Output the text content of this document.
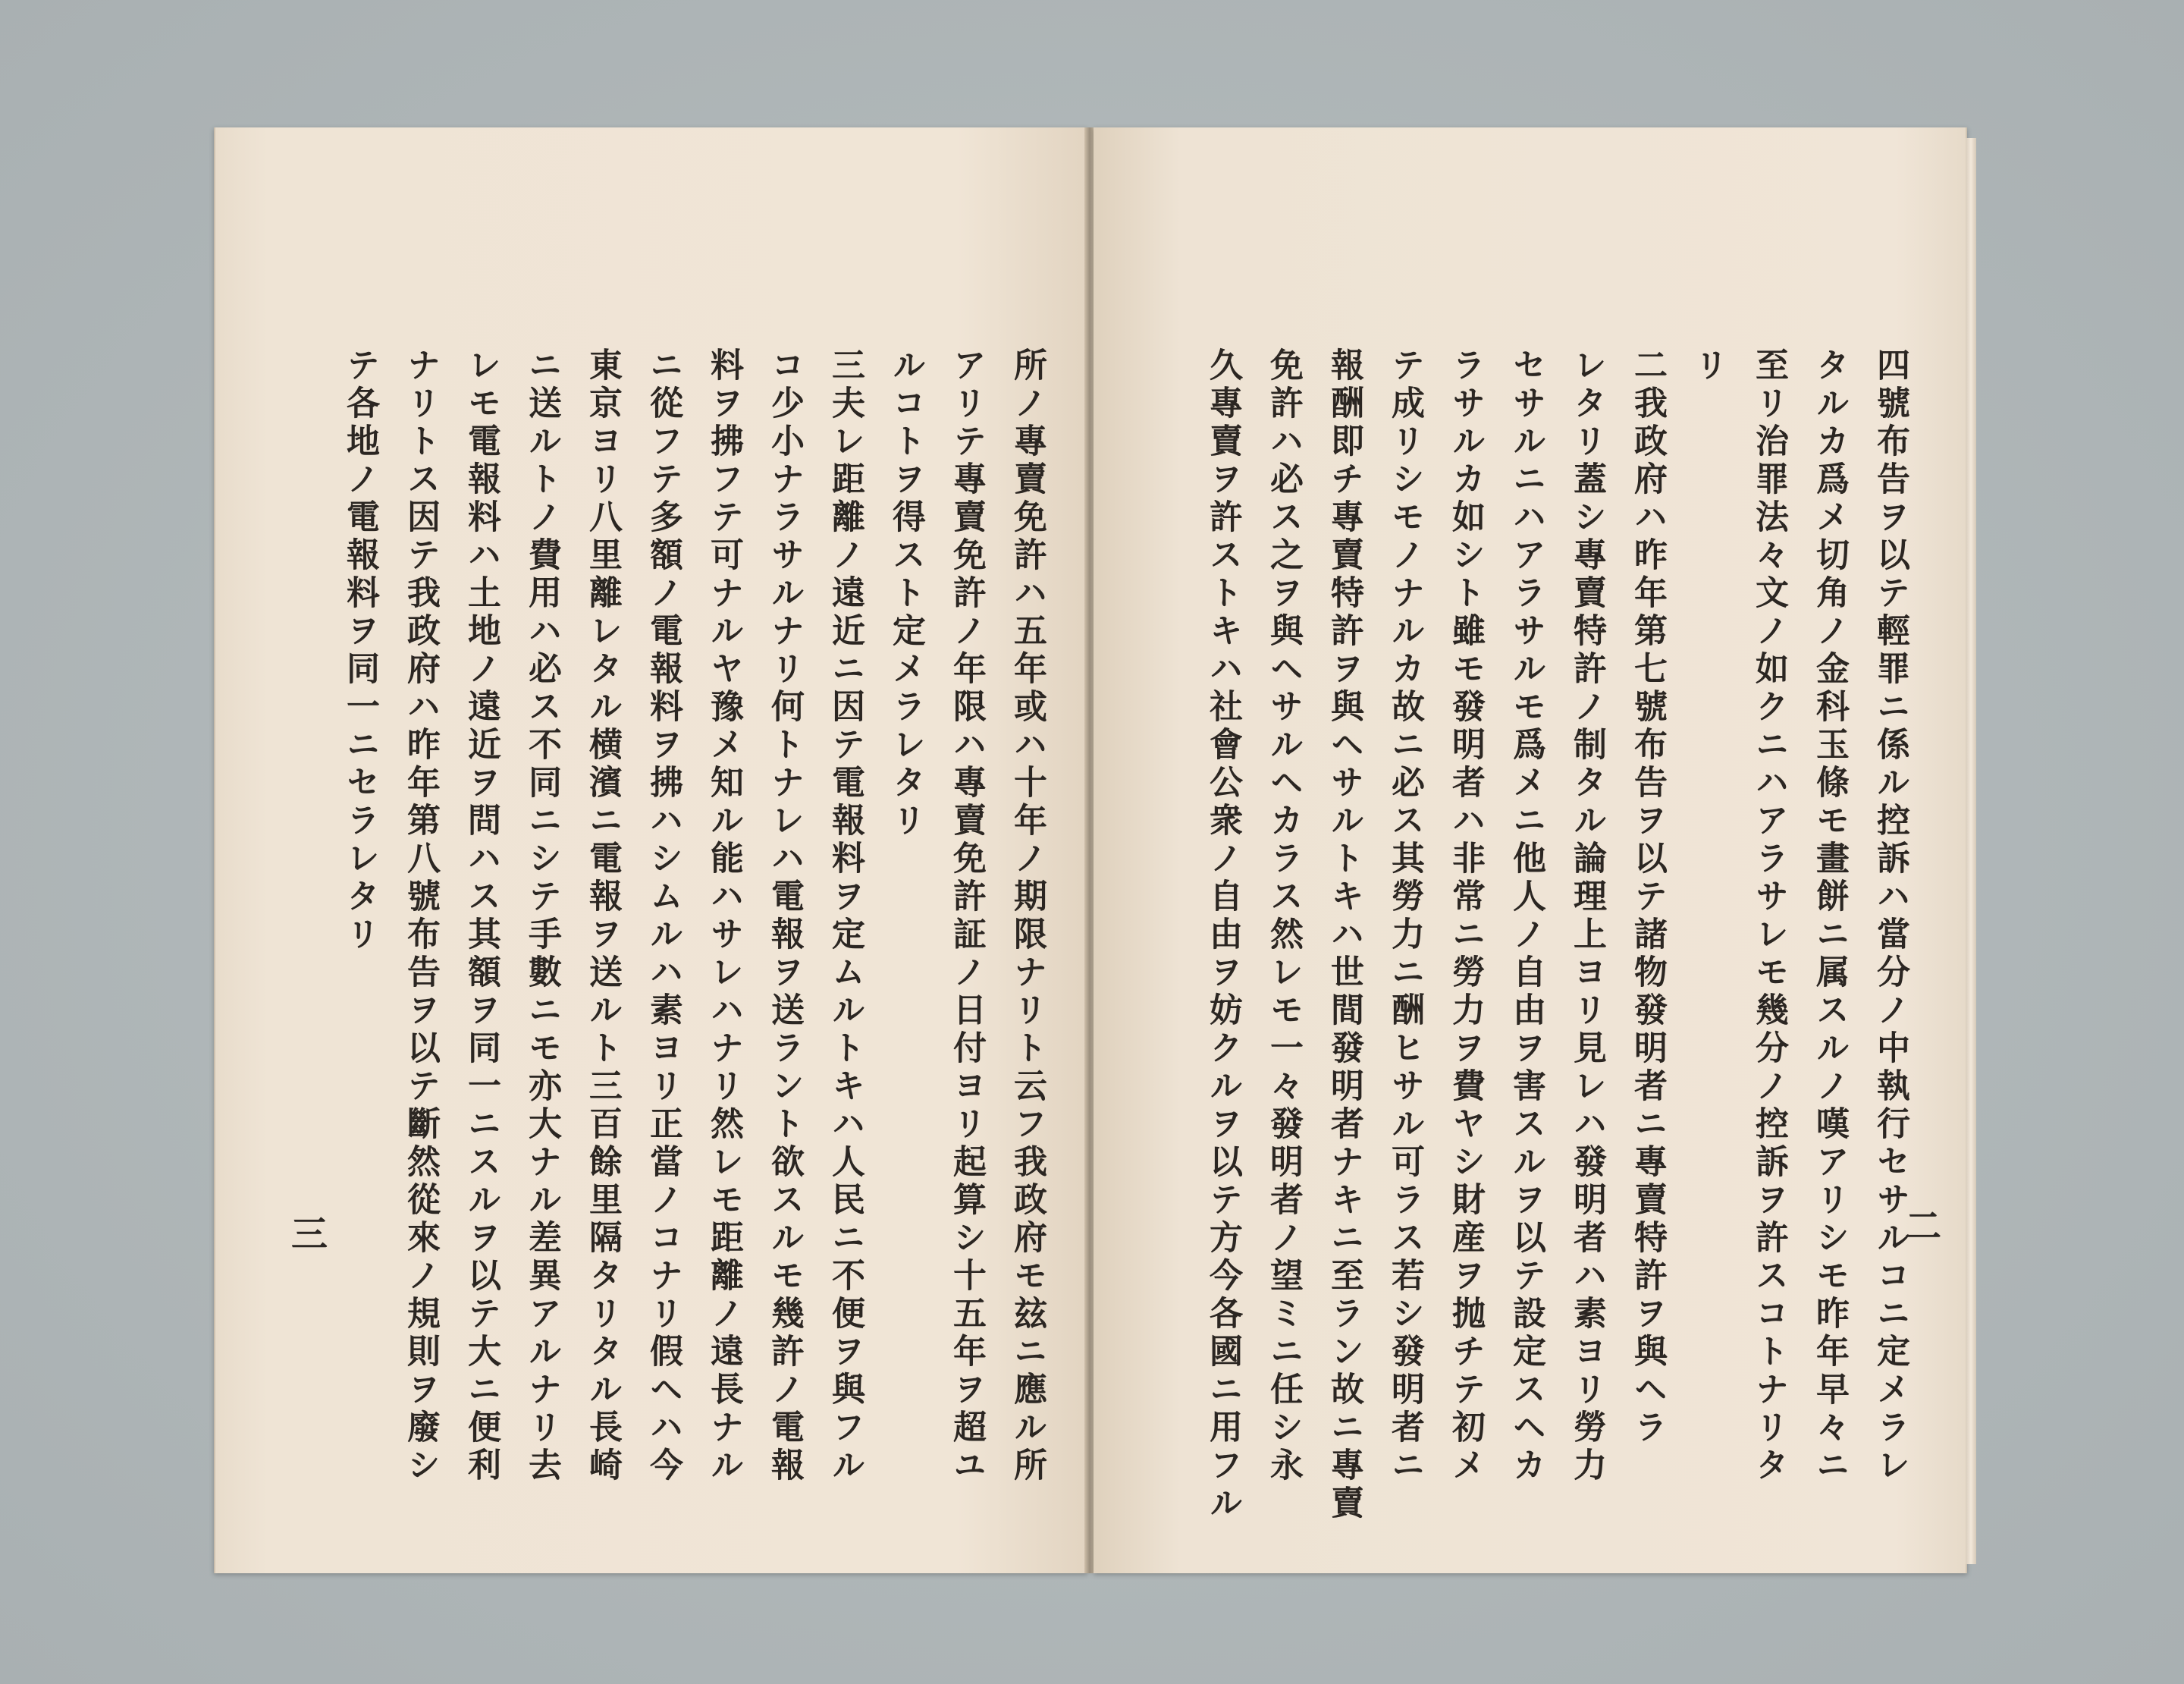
所ノ專賣免許ハ五年或ハ十年ノ期限ナリト云フ我政府モ玆ニ應ル所
アリテ專賣免許ノ年限ハ專賣免許証ノ日付ヨリ起算シ十五年ヲ超ユ
ルコトヲ得スト定メラレタリ
三夫レ距離ノ遠近ニ因テ電報料ヲ定ムルトキハ人民ニ不便ヲ與フル
コ少小ナラサルナリ何トナレハ電報ヲ送ラント欲スルモ幾許ノ電報
料ヲ拂フテ可ナルヤ豫メ知ル能ハサレハナリ然レモ距離ノ遠長ナル
ニ從フテ多額ノ電報料ヲ拂ハシムルハ素ヨリ正當ノコナリ假ヘハ今
東京ヨリ八里離レタル横濱ニ電報ヲ送ルト三百餘里隔タリタル長崎
ニ送ルトノ費用ハ必ス不同ニシテ手數ニモ亦大ナル差異アルナリ去
レモ電報料ハ土地ノ遠近ヲ問ハス其額ヲ同一ニスルヲ以テ大ニ便利
ナリトス因テ我政府ハ昨年第八號布告ヲ以テ斷然從來ノ規則ヲ廢シ
テ各地ノ電報料ヲ同一ニセラレタリ
三	四號布告ヲ以テ輕罪ニ係ル控訴ハ當分ノ中執行セサルコニ定メラレ
タルカ爲メ切角ノ金科玉條モ畫餅ニ属スルノ嘆アリシモ昨年早々ニ
至リ治罪法々文ノ如クニハアラサレモ幾分ノ控訴ヲ許スコトナリタ
リ
二我政府ハ昨年第七號布告ヲ以テ諸物發明者ニ專賣特許ヲ與ヘラ
レタリ蓋シ專賣特許ノ制タル論理上ヨリ見レハ發明者ハ素ヨリ勞力
セサルニハアラサルモ爲メニ他人ノ自由ヲ害スルヲ以テ設定スヘカ
ラサルカ如シト雖モ發明者ハ非常ニ勞力ヲ費ヤシ財産ヲ抛チテ初メ
テ成リシモノナルカ故ニ必ス其勞力ニ酬ヒサル可ラス若シ發明者ニ
報酬即チ專賣特許ヲ與ヘサルトキハ世間發明者ナキニ至ラン故ニ專賣
免許ハ必ス之ヲ與ヘサルヘカラス然レモ一々發明者ノ望ミニ任シ永
久專賣ヲ許ストキハ社會公衆ノ自由ヲ妨クルヲ以テ方今各國ニ用フル	二
